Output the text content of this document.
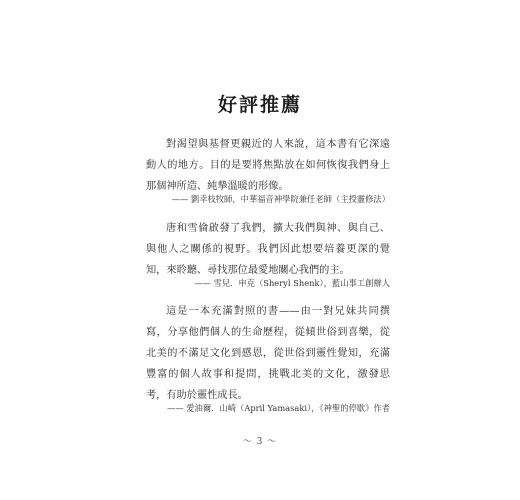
好評推薦

對渴望與基督更親近的人來說，這本書有它深遠動人的地方。目的是要將焦點放在如何恢復我們身上那個神所造、純摯溫暖的形像。

—— 劉幸枝牧師，中華福音神學院兼任老師（主授靈修法）

唐和雪倫啟發了我們，擴大我們與神、與自己、與他人之關係的視野。我們因此想要培養更深的覺知，來聆聽、尋找那位最愛地關心我們的主。

—— 雪兒．申克（Sheryl Shenk），藍山事工創辦人

這是一本充滿對照的書——由一對兄妹共同撰寫，分享他們個人的生命歷程，從傾世俗到喜樂，從北美的不滿足文化到感恩，從世俗到靈性覺知，充滿豐富的個人故事和提問，挑戰北美的文化，激發思考，有助於靈性成長。

—— 愛油爾．山崎（April Yamasaki），《神聖的停歇》作者
～ 3 ～
